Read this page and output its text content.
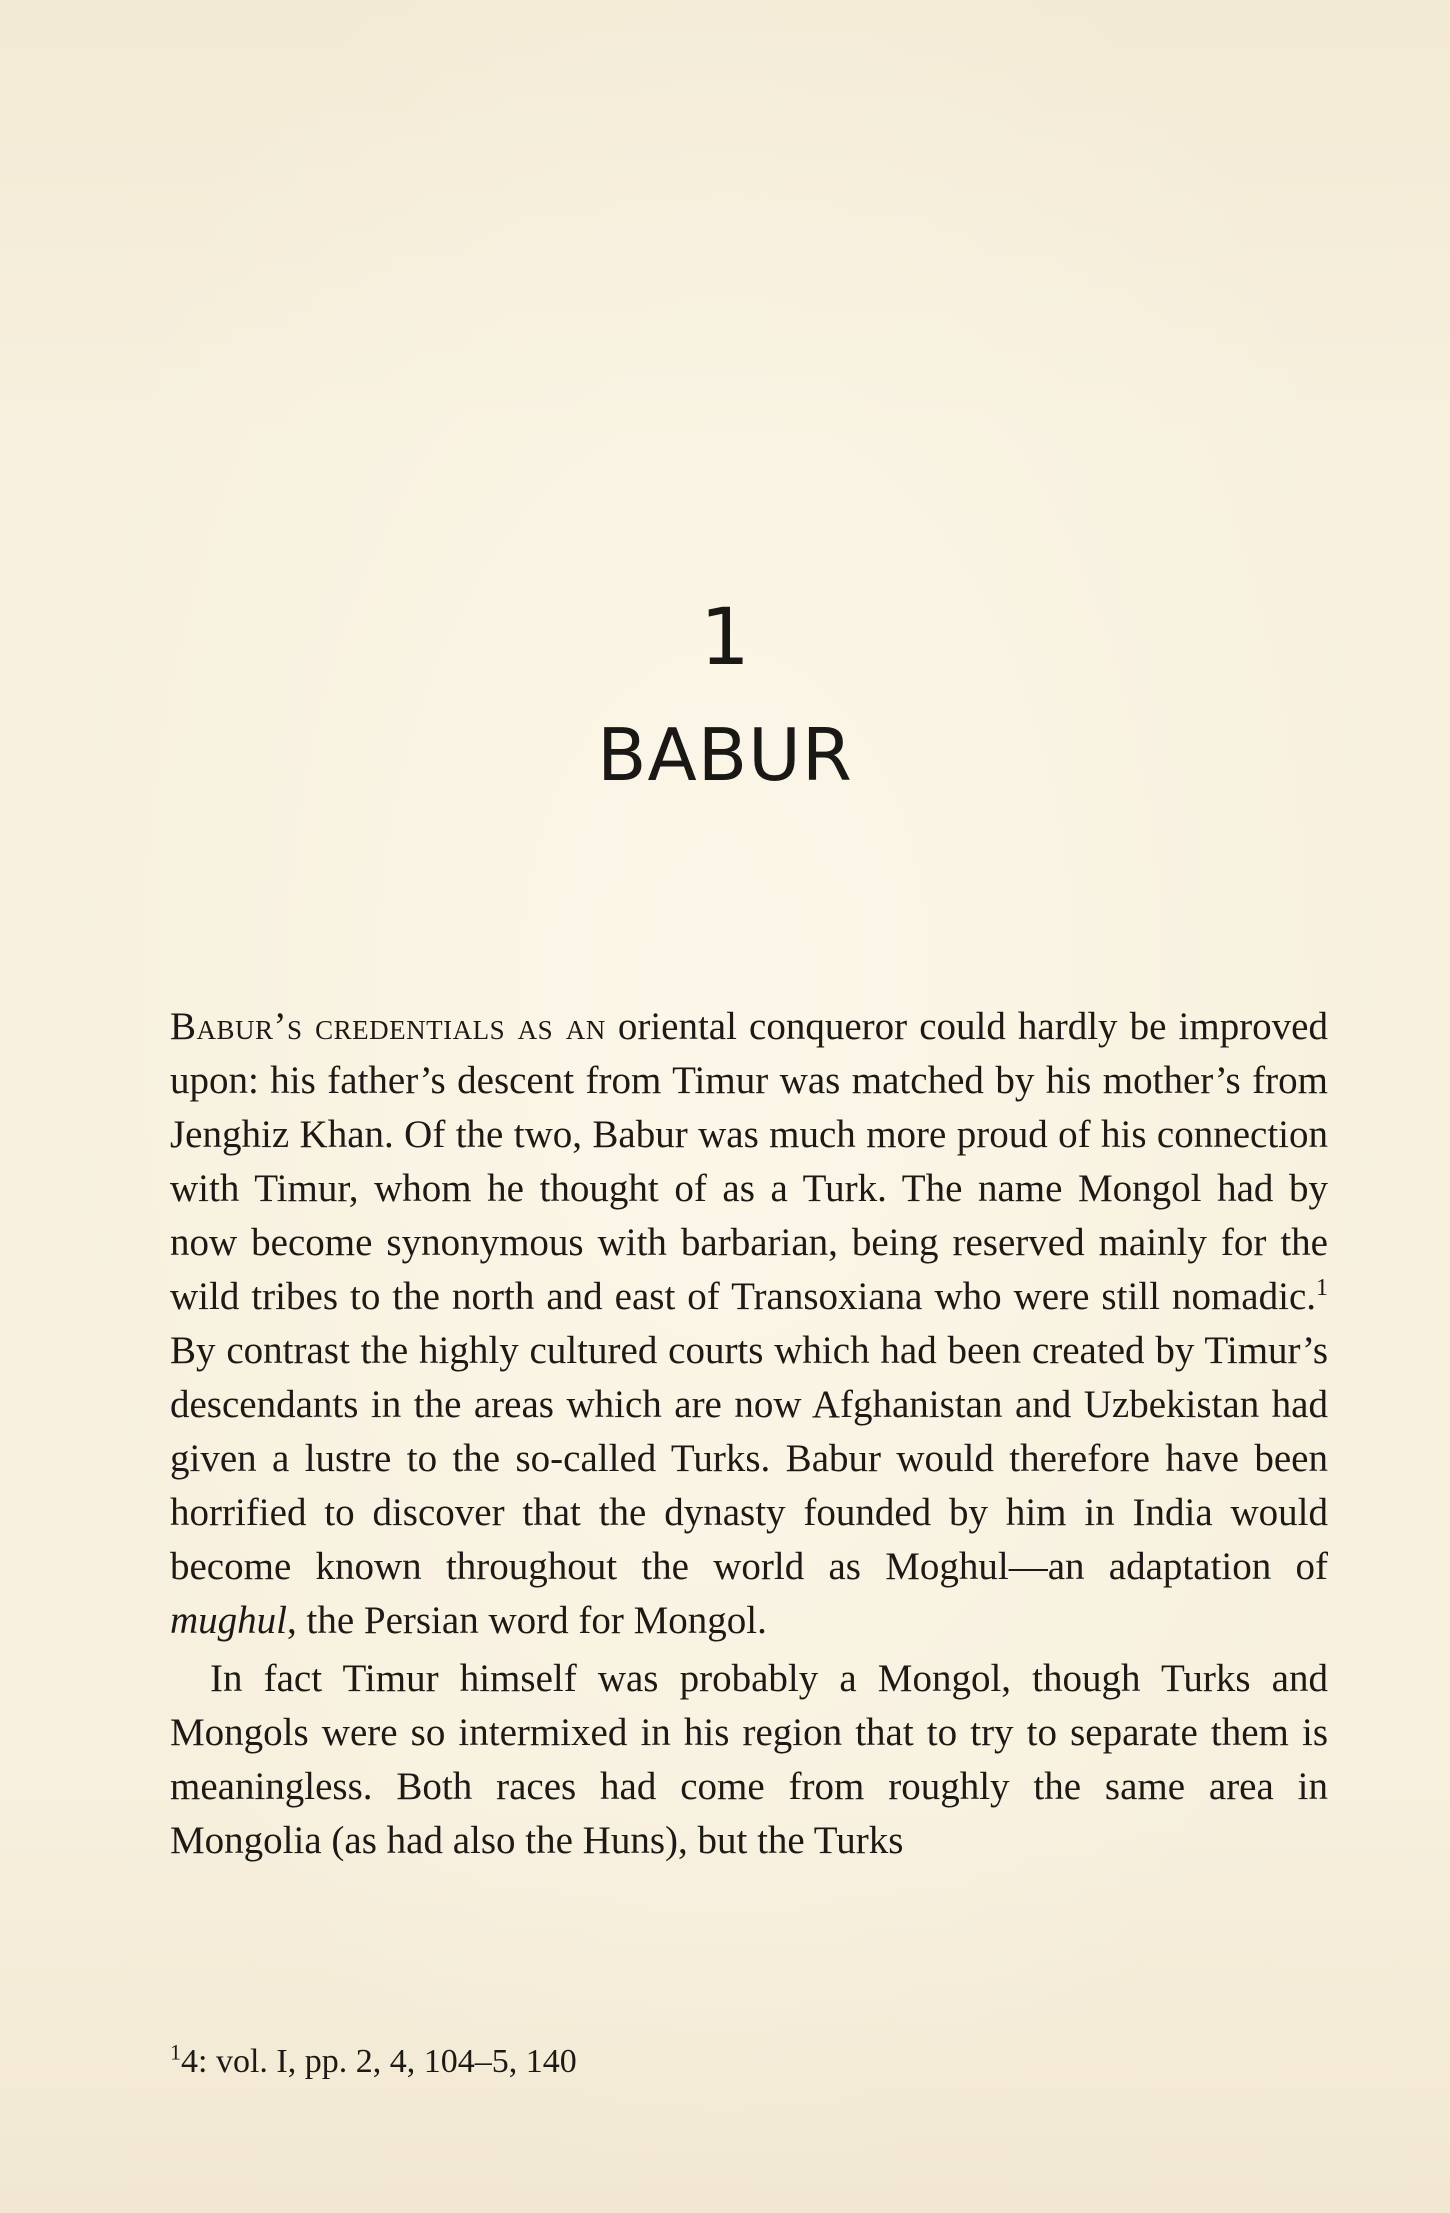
1
BABUR

Babur’s credentials as an oriental conqueror could hardly be improved upon: his father’s descent from Timur was matched by his mother’s from Jenghiz Khan. Of the two, Babur was much more proud of his connection with Timur, whom he thought of as a Turk. The name Mongol had by now become synonymous with barbarian, being reserved mainly for the wild tribes to the north and east of Transoxiana who were still nomadic.$^1$ By contrast the highly cultured courts which had been created by Timur’s descendants in the areas which are now Afghanistan and Uzbekistan had given a lustre to the so-called Turks. Babur would therefore have been horrified to discover that the dynasty founded by him in India would become known throughout the world as Moghul—an adaptation of mughul, the Persian word for Mongol.

In fact Timur himself was probably a Mongol, though Turks and Mongols were so intermixed in his region that to try to separate them is meaningless. Both races had come from roughly the same area in Mongolia (as had also the Huns), but the Turks

$^1$4: vol. I, pp. 2, 4, 104–5, 140
